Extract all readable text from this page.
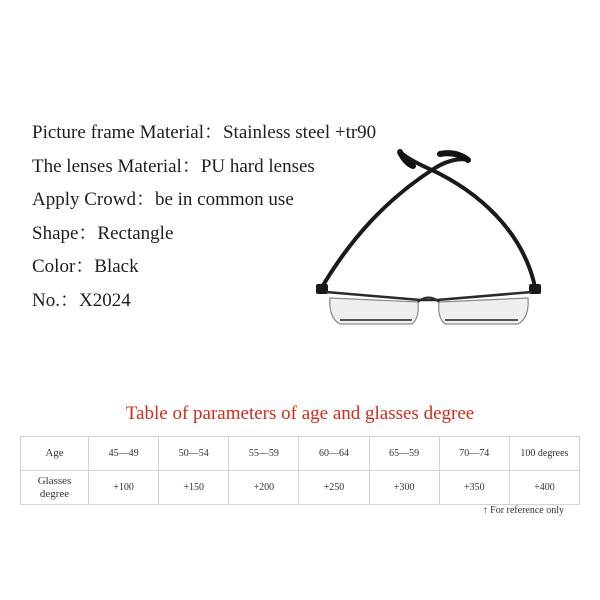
Picture frame Material：Stainless steel +tr90
The lenses Material：PU hard lenses
Apply Crowd：be in common use
Shape：Rectangle
Color：Black
No.：X2024
Table of parameters of age and glasses degree
Age	45—49	50—54	55—59	60—64	65—59	70—74	100 degrees
Glasses
degree	+100	+150	+200	+250	+300	+350	+400
↑ For reference only
